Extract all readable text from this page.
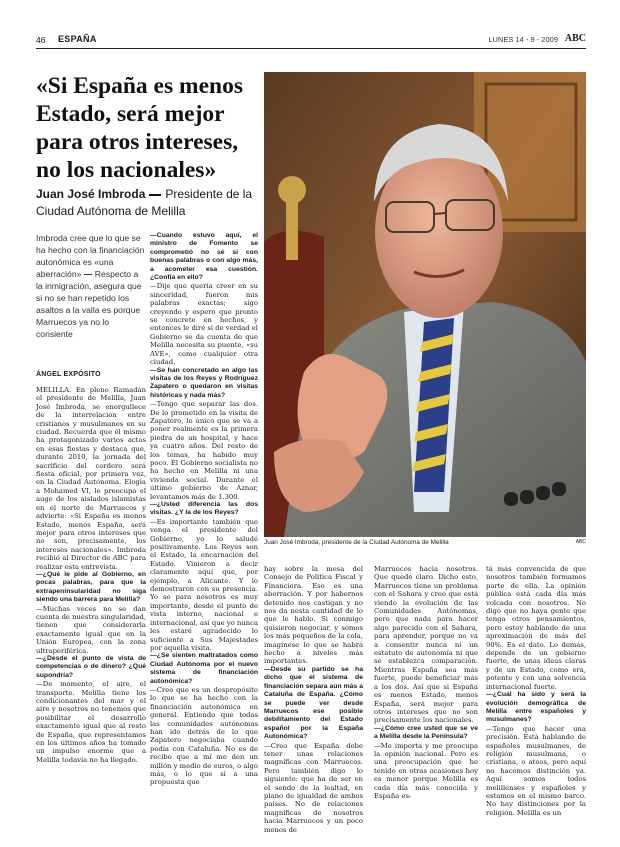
46 ESPAÑA	LUNES 14 - 9 - 2009 ABC
«Si España es menos Estado, será mejor para otros intereses, no los nacionales»
Juan José Imbroda Presidente de la Ciudad Autónoma de Melilla
Imbroda cree que lo que se ha hecho con la financiación autonómica es «una aberración» Respecto a la inmigración, asegura que si no se han repetido los asaltos a la valla es porque Marruecos ya no lo consiente
ÁNGEL EXPÓSITO
Juan José Imbroda, presidente de la Ciudad Autónoma de Melilla	ABC

MELILLA. En pleno Ramadán el presidente de Melilla, Juan José Imbroda, se enorgullece de la interrelación entre cristianos y musulmanes en su ciudad. Recuerda que él mismo ha protagonizado varios actos en esas fiestas y destaca que, durante 2010, la jornada del sacrificio del cordero será fiesta oficial, por primera vez, en la Ciudad Autónoma. Elogia a Mohamed VI, le preocupa el auge de los aislados islamistas en el norte de Marruecos y advierte: «Si España es menos Estado, menos España, será mejor para otros intereses que no son, precisamente, los intereses nacionales». Imbroda recibió al Director de ABC para realizar esta entrevista.

—¿Qué le pide al Gobierno, en pocas palabras, para que la extrapeninsularidad no siga siendo una barrera para Melilla?

—Muchas veces no se dan cuenta de nuestra singularidad, tienen que considerarla exactamente igual que en la Unión Europea, con la zona ultraperiférica.

—¿Desde el punto de vista de competencias o de dinero? ¿Qué supondría?

—De momento, el aire, el transporte. Melilla tiene los condicionantes del mar y el aire y nosotros no tenemos que posibilitar el desarrollo exactamente igual que al resto de España, que representamos en los últimos años ha tomado un impulso enorme que a Melilla todavía no ha llegado.

—Cuando estuvo aquí, el ministro de Fomento se comprometió no sé si con buenas palabras o con algo más, a acometer esa cuestión. ¿Confía en ello?

—Dije que quería creer en su sinceridad, fueron mis palabras exactas; sigo creyendo y espero que pronto se concrete en hechos, y entonces le diré si de verdad el Gobierno se da cuenta de que Melilla necesita su puente, «su AVE», como cualquier otra ciudad.

—Se han concretado en algo las visitas de los Reyes y Rodríguez Zapatero o quedaron en visitas históricas y nada más?

—Tengo que separar las dos. De lo prometido en la visita de Zapatero, lo único que se va a poner realmente es la primera piedra de un hospital, y hace ya cuatro años. Del resto de los temas, ha habido muy poco. El Gobierno socialista no ha hecho en Melilla ni una vivienda social. Durante el último gobierno de Aznar, levantamos más de 1.300.

—¿Usted diferencia las dos visitas. ¿Y la de los Reyes?

—Es importante también que venga el presidente del Gobierno, yo lo saludé positivamente. Los Reyes son el Estado, la encarnación del Estado. Vinieron a decir claramente aquí que, por ejemplo, a Alicante. Y lo demostraron con su presencia. Yo so para nosotros es muy importante, desde el punto de vista interno, nacional e internacional, así que yo nunca les estaré agradecido lo suficiente a Sus Majestades por aquella visita.

—¿Se sienten maltratados como Ciudad Autónoma por el nuevo sistema de financiación autonómica?

—Creo que es un despropósito lo que se ha hecho con la financiación autonómica en general. Entiendo que todas las comunidades autónomas han ido detrás de lo que Zapatero negociaba cuando pedía con Cataluña. No es de recibo que a mí me den un millón y medio de euros, o algo más, o lo que sí a una propuesta que

hay sobre la mesa del Consejo de Política Fiscal y Financiera. Eso es una aberración. Y por habernos detenido nos castigan y no nos da nesta cantidad de lo que le hablo. Si conmigo quisieron negociar, y somos los más pequeños de la cola, imagínese lo que se habrá hecho a niveles más importantes.

—Desde su partido se ha dicho que el sistema de financiación separa aún más a Cataluña de España. ¿Cómo se puede ver desde Marruecos ese posible debilitamiento del Estado español por la España Autonómica?

—Creo que España debe tener unas relaciones magníficas con Marruecos. Pero también digo lo siguiente: que ha de ser en el sendo de la lealtad, en plano de igualdad de ambos países. No de relaciones magníficas de nosotros hacia Marruecos y un poco menos de

Marruecos hacia nosotros. Que quede claro. Dicho esto, Marruecos tiene un problema con el Sahara y creo que está viendo la evolución de las Comunidades Autónomas, pero que nada para hacer algo parecido con el Sahara, para aprender, porque no va a consentir nunca ni un estatuto de autonomía ni que se establezca comparación. Mientras España sea más fuerte, puede beneficiar más a los dos. Así que si España es menos Estado, menos España, será mejor para otros intereses que no son precisamente los nacionales.

—¿Cómo cree usted que se ve a Melilla desde la Península?

—Me importa y me preocupa la opinión nacional. Pero es una preocupación que he tenido en otras ocasiones hoy es menor porque Melilla es cada día más conocida y España es-

tá más convencida de que nosotros también formamos parte de ella. La opinión pública está cada día más volcada con nosotros. No digo que no haya gente que tenga otros pensamientos, pero estoy hablando de una aproximación de más del 90%. Es el dato. Lo demás, depende de un gobierno fuerte, de unas ideas claras y de un Estado, como era, potente y con una solvencia internacional fuerte.

—¿Cuál ha sido y será la evolución demográfica de Melilla entre españoles y musulmanes?

—Tengo que hacer una precisión. Está hablando de españoles musulmanes, de religión musulmana, o cristiana, o ateos, pero aquí no hacemos distinción ya. Aquí somos todos melillenses y españoles y estamos en el mismo barco. No hay distinciones por la religión. Melilla es un
